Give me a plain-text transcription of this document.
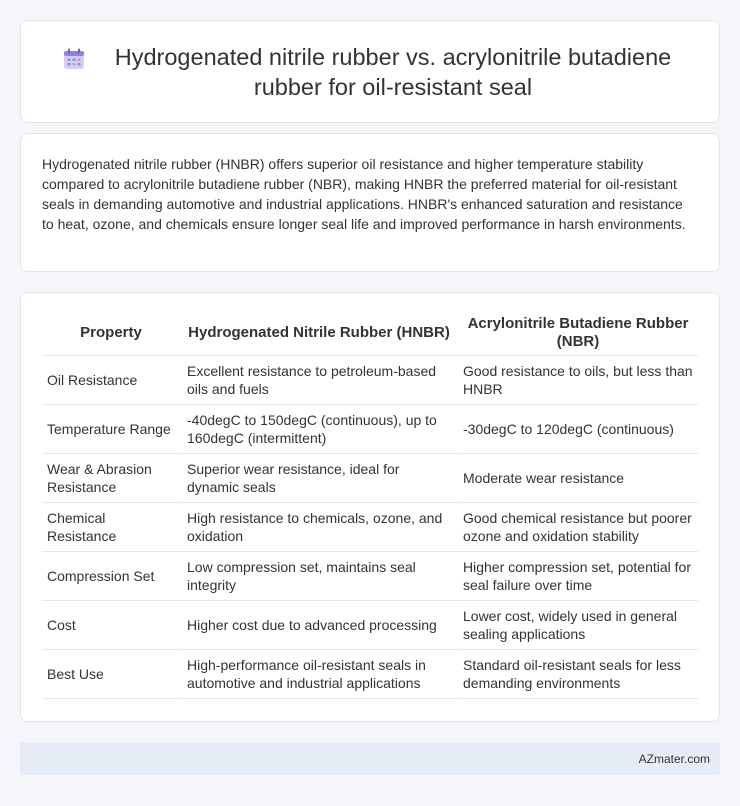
Hydrogenated nitrile rubber vs. acrylonitrile butadiene rubber for oil-resistant seal

Hydrogenated nitrile rubber (HNBR) offers superior oil resistance and higher temperature stability compared to acrylonitrile butadiene rubber (NBR), making HNBR the preferred material for oil-resistant seals in demanding automotive and industrial applications. HNBR's enhanced saturation and resistance to heat, ozone, and chemicals ensure longer seal life and improved performance in harsh environments.

Property	Hydrogenated Nitrile Rubber (HNBR)	Acrylonitrile Butadiene Rubber (NBR)
Oil Resistance	Excellent resistance to petroleum-based oils and fuels	Good resistance to oils, but less than HNBR
Temperature Range	-40degC to 150degC (continuous), up to 160degC (intermittent)	-30degC to 120degC (continuous)
Wear & Abrasion Resistance	Superior wear resistance, ideal for dynamic seals	Moderate wear resistance
Chemical Resistance	High resistance to chemicals, ozone, and oxidation	Good chemical resistance but poorer ozone and oxidation stability
Compression Set	Low compression set, maintains seal integrity	Higher compression set, potential for seal failure over time
Cost	Higher cost due to advanced processing	Lower cost, widely used in general sealing applications
Best Use	High-performance oil-resistant seals in automotive and industrial applications	Standard oil-resistant seals for less demanding environments
AZmater.com
